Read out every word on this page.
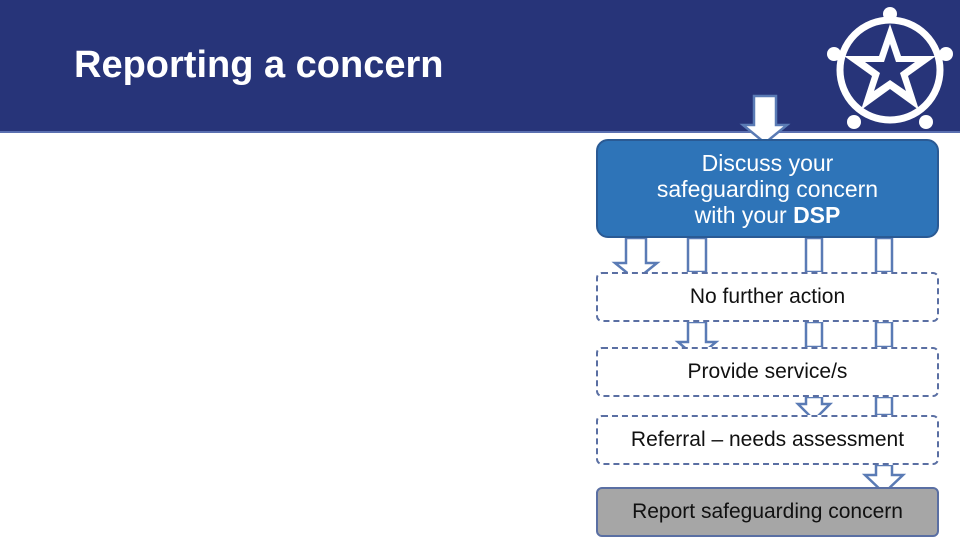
Reporting a concern
Discuss your
safeguarding concern
with your DSP
No further action
Provide service/s
Referral – needs assessment
Report safeguarding concern
